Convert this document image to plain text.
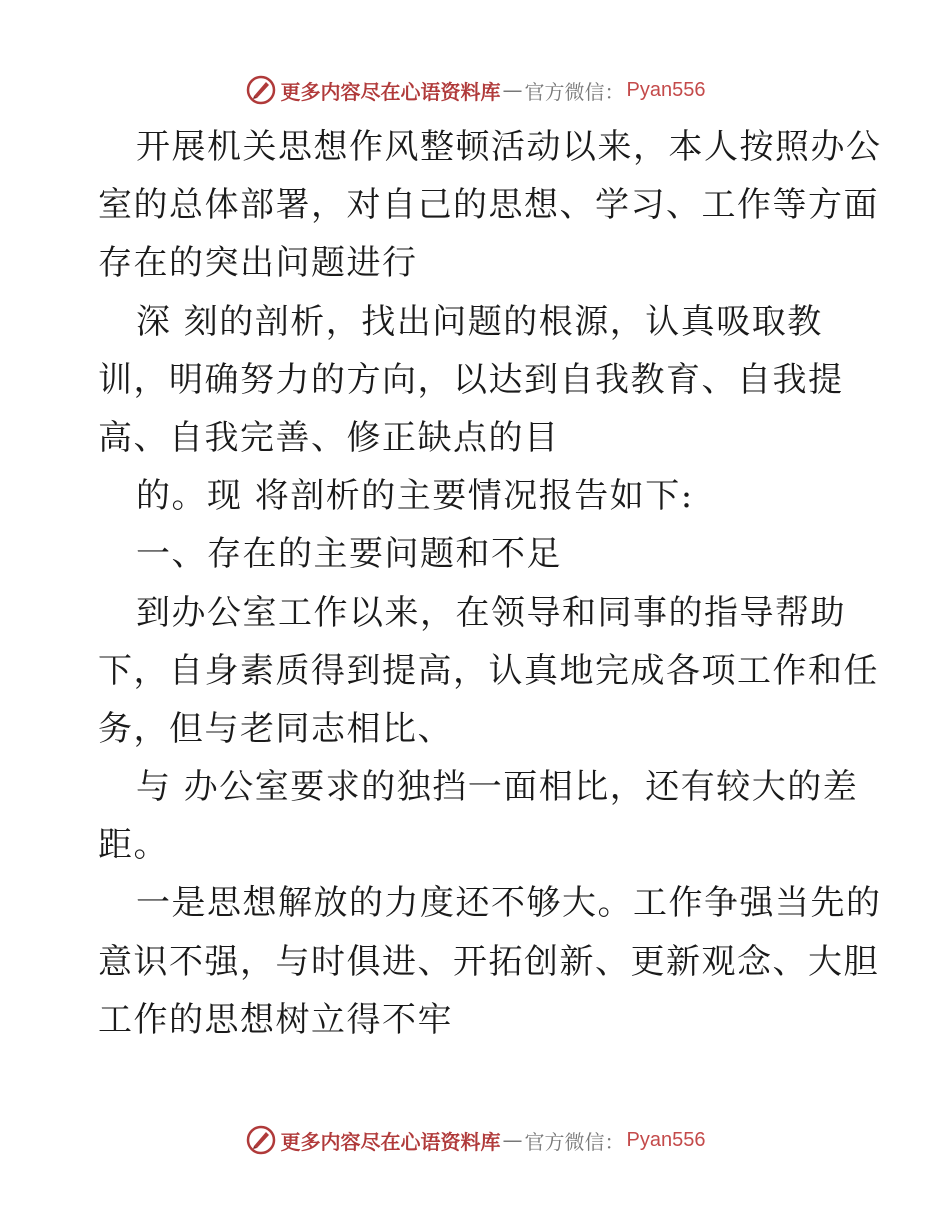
更多内容尽在心语资料库 — 官方微信： Pyan556
开展机关思想作风整顿活动以来，本人按照办公
室的总体部署，对自己的思想、学习、工作等方面
存在的突出问题进行
深 刻的剖析，找出问题的根源，认真吸取教
训，明确努力的方向，以达到自我教育、自我提
高、自我完善、修正缺点的目
的。现 将剖析的主要情况报告如下:
一、存在的主要问题和不足
到办公室工作以来，在领导和同事的指导帮助
下，自身素质得到提高，认真地完成各项工作和任
务，但与老同志相比、
与 办公室要求的独挡一面相比，还有较大的差
距。
一是思想解放的力度还不够大。工作争强当先的
意识不强，与时俱进、开拓创新、更新观念、大胆
工作的思想树立得不牢
更多内容尽在心语资料库 — 官方微信： Pyan556
